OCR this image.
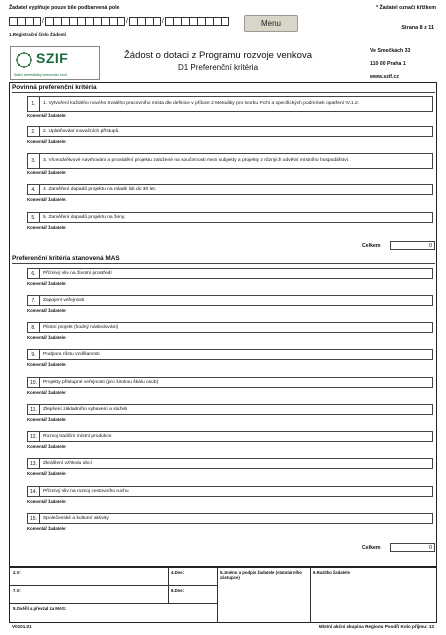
Žadatel vyplňuje pouze bíle podbarvená pole	* Žadatel označí křížkem
Strana 8 z 11
/	/	/
1.Registrační číslo Žádosti
Menu
SZIF
Státní zemědělský intervenční fond
Žádost o dotaci z Programu rozvoje venkova
D1 Preferenční kritéria
Ve Smečkách 33
110 00 Praha 1
www.szif.cz
Povinná preferenční kritéria
1.	1. Vytvoření každého nového trvalého pracovního místa dle definice v příloze 2 Metodiky pro tvorbu Fichí a specifických podmínek opatření IV.1.2.
Komentář žadatele:
2.	2. Uplatňování inovačních přístupů.
Komentář žadatele:
3.	3. Víceodvětvové navrhování a provádění projektu založené na součinnosti mezi subjekty a projekty z různých odvětví místního hospodářství.
Komentář žadatele:
4.	4. Zaměření dopadů projektu na mladé lidi do 30 let.
Komentář žadatele:
5.	5. Zaměření dopadů projektu na ženy.
Komentář žadatele:
Celkem	0
Preferenční kritéria stanovená MAS
6.	Příznivý vliv na životní prostředí
Komentář žadatele:
7.	Zapojení veřejnosti
Komentář žadatele:
8.	Pilotní projekt (hodný následování)
Komentář žadatele:
9.	Podpora růstu vzdělanosti
Komentář žadatele:
10.	Projekty přístupné veřejnosti (pro širokou škálu osob)
Komentář žadatele:
11.	Zlepšení základního vybavení a služeb
Komentář žadatele:
12.	Rozvoj tradiční místní produkce
Komentář žadatele:
13.	Zkrášlení vzhledu obcí
Komentář žadatele:
14.	Příznivý vliv na rozvoj cestovního ruchu
Komentář žadatele:
15.	Společenské a kulturní aktivity
Komentář žadatele:
Celkem	0
2.V:	4.Dne:	5.Jméno a podpis žadatele (statutárního zástupce)
6.Razítko žadatele
7.V:	8.Dne:
9.Ověřil a převzal za MAS:
V0101.01	Místní akční skupina Regionu Poodří Kolo příjmu: 13
